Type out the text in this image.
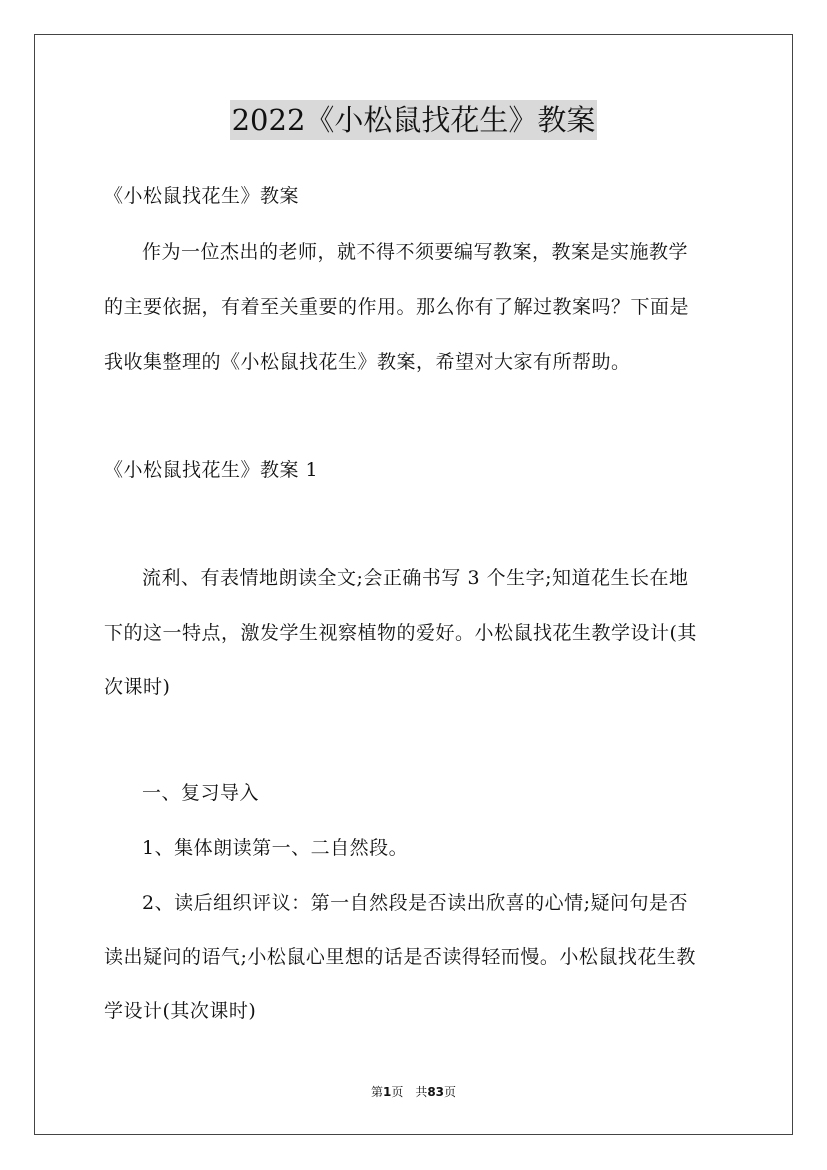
2022《小松鼠找花生》教案
《小松鼠找花生》教案
作为一位杰出的老师，就不得不须要编写教案，教案是实施教学
的主要依据，有着至关重要的作用。那么你有了解过教案吗？下面是
我收集整理的《小松鼠找花生》教案，希望对大家有所帮助。
《小松鼠找花生》教案 1
流利、有表情地朗读全文;会正确书写 3 个生字;知道花生长在地
下的这一特点，激发学生视察植物的爱好。小松鼠找花生教学设计(其
次课时)
一、复习导入
1、集体朗读第一、二自然段。
2、读后组织评议：第一自然段是否读出欣喜的心情;疑问句是否
读出疑问的语气;小松鼠心里想的话是否读得轻而慢。小松鼠找花生教
学设计(其次课时)
第1页　共83页
